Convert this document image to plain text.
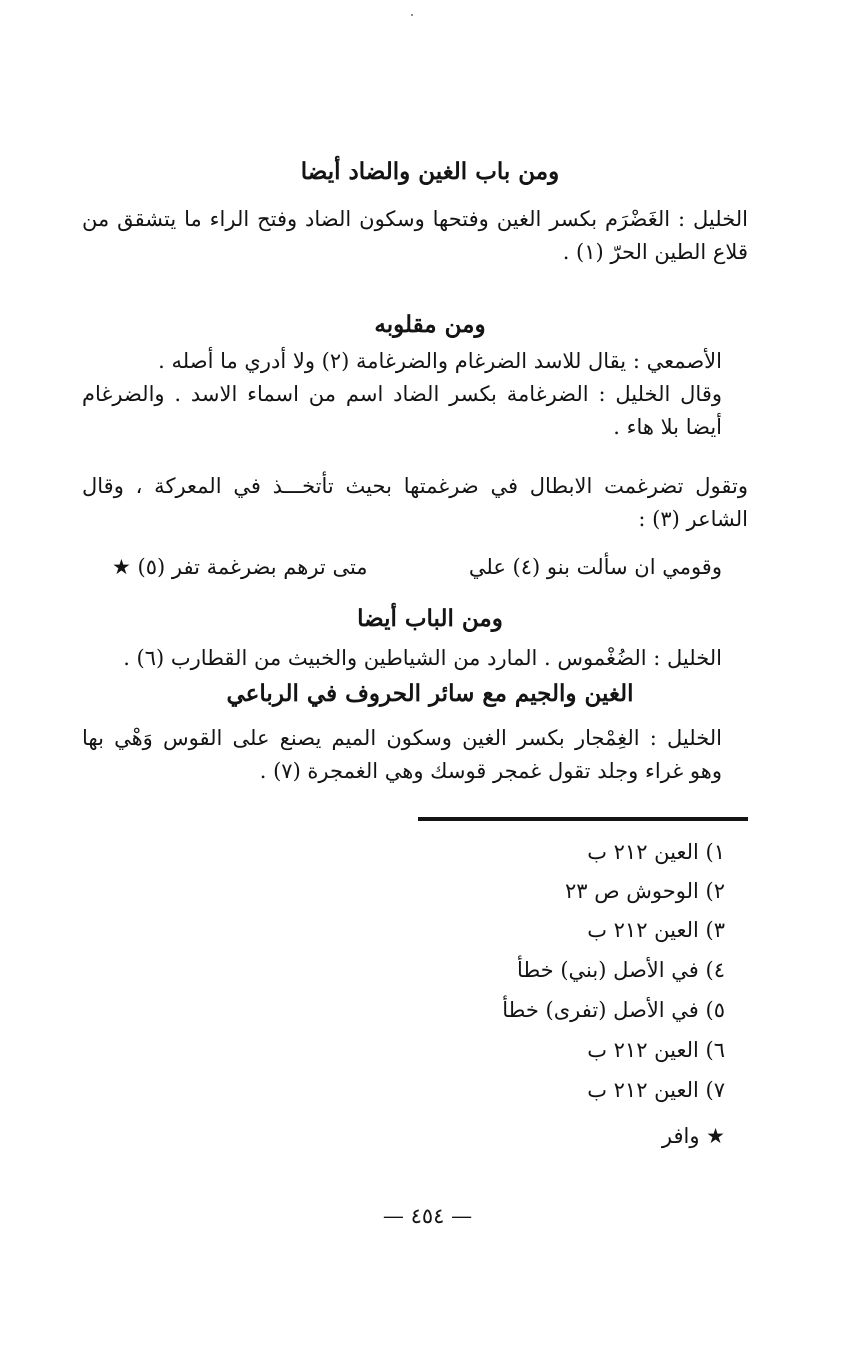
ومن باب الغين والضاد أيضا
الخليل : الغَضْرَم بكسر الغين وفتحها وسكون الضاد وفتح الراء ما يتشقق من قلاع الطين الحرّ (١) .
ومن مقلوبه
الأصمعي : يقال للاسد الضرغام والضرغامة (٢) ولا أدري ما أصله .
وقال الخليل : الضرغامة بكسر الضاد اسم من اسماء الاسد . والضرغام أيضا بلا هاء .
وتقول تضرغمت الابطال في ضرغمتها بحيث تأتخـــذ في المعركة ، وقال الشاعر (٣) :
وقومي ان سألت بنو (٤) علي
متى ترهم بضرغمة تفر (٥) ★
ومن الباب أيضا
الخليل : الضُغْموس . المارد من الشياطين والخبيث من القطارب (٦) .
الغين والجيم مع سائر الحروف في الرباعي
الخليل : الغِمْجار بكسر الغين وسكون الميم يصنع على القوس وَهْي بها وهو غراء وجلد تقول غمجر قوسك وهي الغمجرة (٧) .
١) العين ٢١٢ ب
٢) الوحوش ص ٢٣
٣) العين ٢١٢ ب
٤) في الأصل (بني) خطأ
٥) في الأصل (تفرى) خطأ
٦) العين ٢١٢ ب
٧) العين ٢١٢ ب
★ وافر
— ٤٥٤ —
